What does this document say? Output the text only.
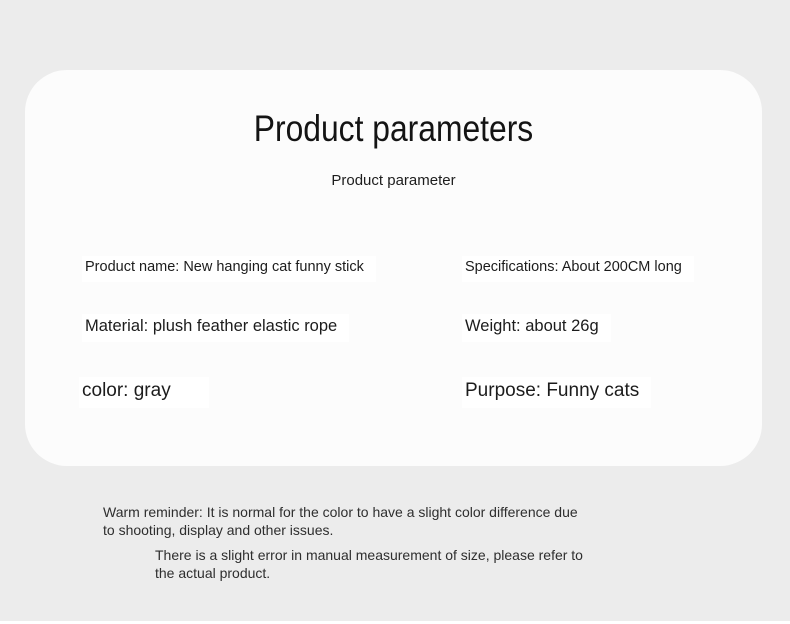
Product parameters
Product parameter
Product name: New hanging cat funny stick	Specifications: About 200CM long
Material: plush feather elastic rope	Weight: about 26g
color: gray	Purpose: Funny cats
Warm reminder: It is normal for the color to have a slight color difference due
to shooting, display and other issues.
There is a slight error in manual measurement of size, please refer to
the actual product.
